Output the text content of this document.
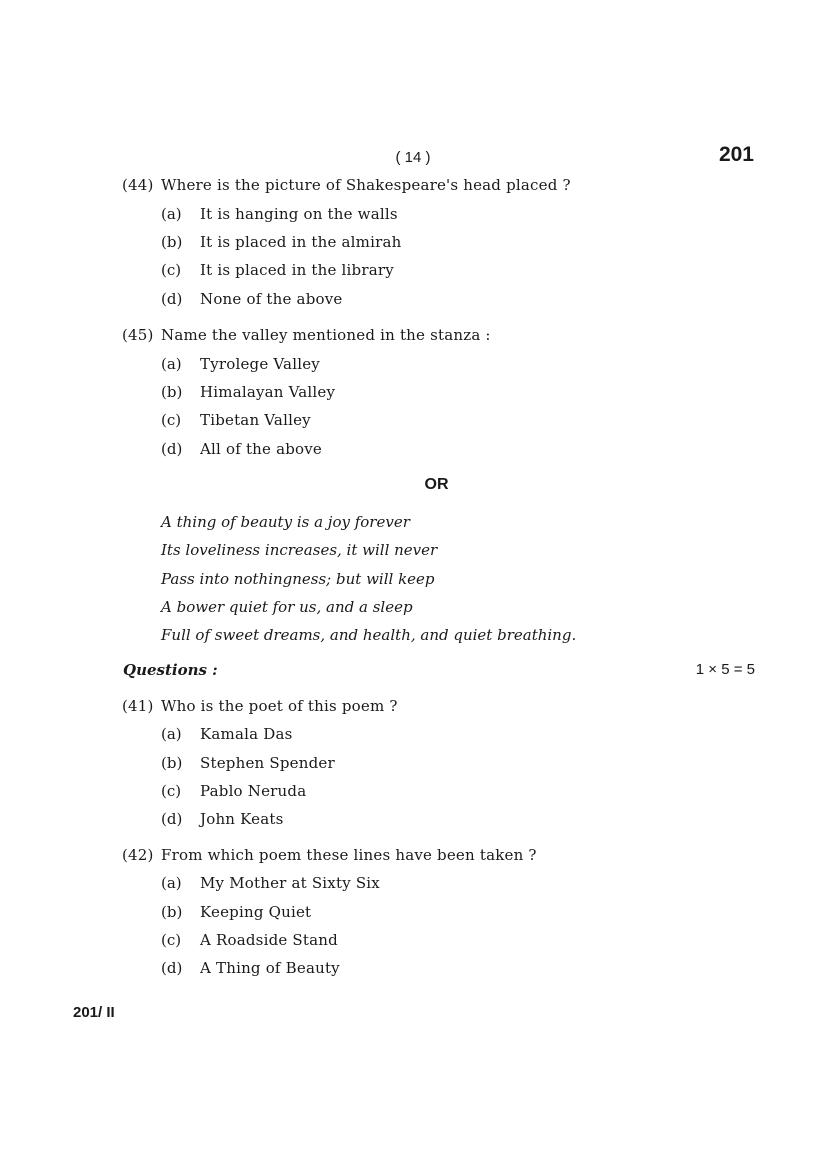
( 14 )	201
(44) Where is the picture of Shakespeare's head placed ?
(a) It is hanging on the walls
(b) It is placed in the almirah
(c) It is placed in the library
(d) None of the above
(45) Name the valley mentioned in the stanza :
(a) Tyrolege Valley
(b) Himalayan Valley
(c) Tibetan Valley
(d) All of the above
OR
A thing of beauty is a joy forever
Its loveliness increases, it will never
Pass into nothingness; but will keep
A bower quiet for us, and a sleep
Full of sweet dreams, and health, and quiet breathing.
Questions :	1 × 5 = 5
(41) Who is the poet of this poem ?
(a) Kamala Das
(b) Stephen Spender
(c) Pablo Neruda
(d) John Keats
(42) From which poem these lines have been taken ?
(a) My Mother at Sixty Six
(b) Keeping Quiet
(c) A Roadside Stand
(d) A Thing of Beauty
201/ II
